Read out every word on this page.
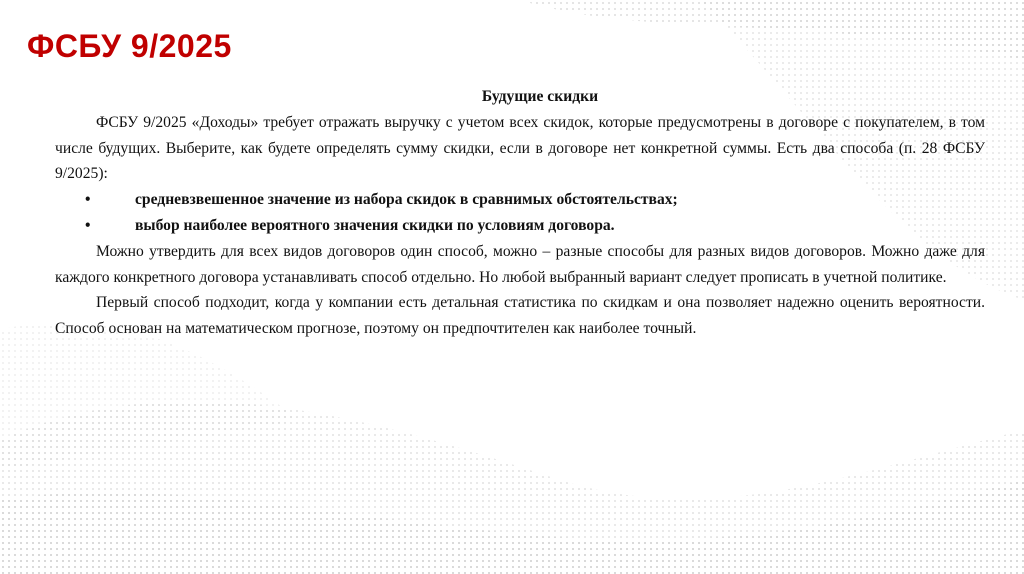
ФСБУ 9/2025

Будущие скидки

ФСБУ 9/2025 «Доходы» требует отражать выручку с учетом всех скидок, которые предусмотрены в договоре с покупателем, в том числе будущих. Выберите, как будете определять сумму скидки, если в договоре нет конкретной суммы. Есть два способа (п. 28 ФСБУ 9/2025):

•	средневзвешенное значение из набора скидок в сравнимых обстоятельствах;
•	выбор наиболее вероятного значения скидки по условиям договора.

Можно утвердить для всех видов договоров один способ, можно – разные способы для разных видов договоров. Можно даже для каждого конкретного договора устанавливать способ отдельно. Но любой выбранный вариант следует прописать в учетной политике.

Первый способ подходит, когда у компании есть детальная статистика по скидкам и она позволяет надежно оценить вероятности. Способ основан на математическом прогнозе, поэтому он предпочтителен как наиболее точный.
